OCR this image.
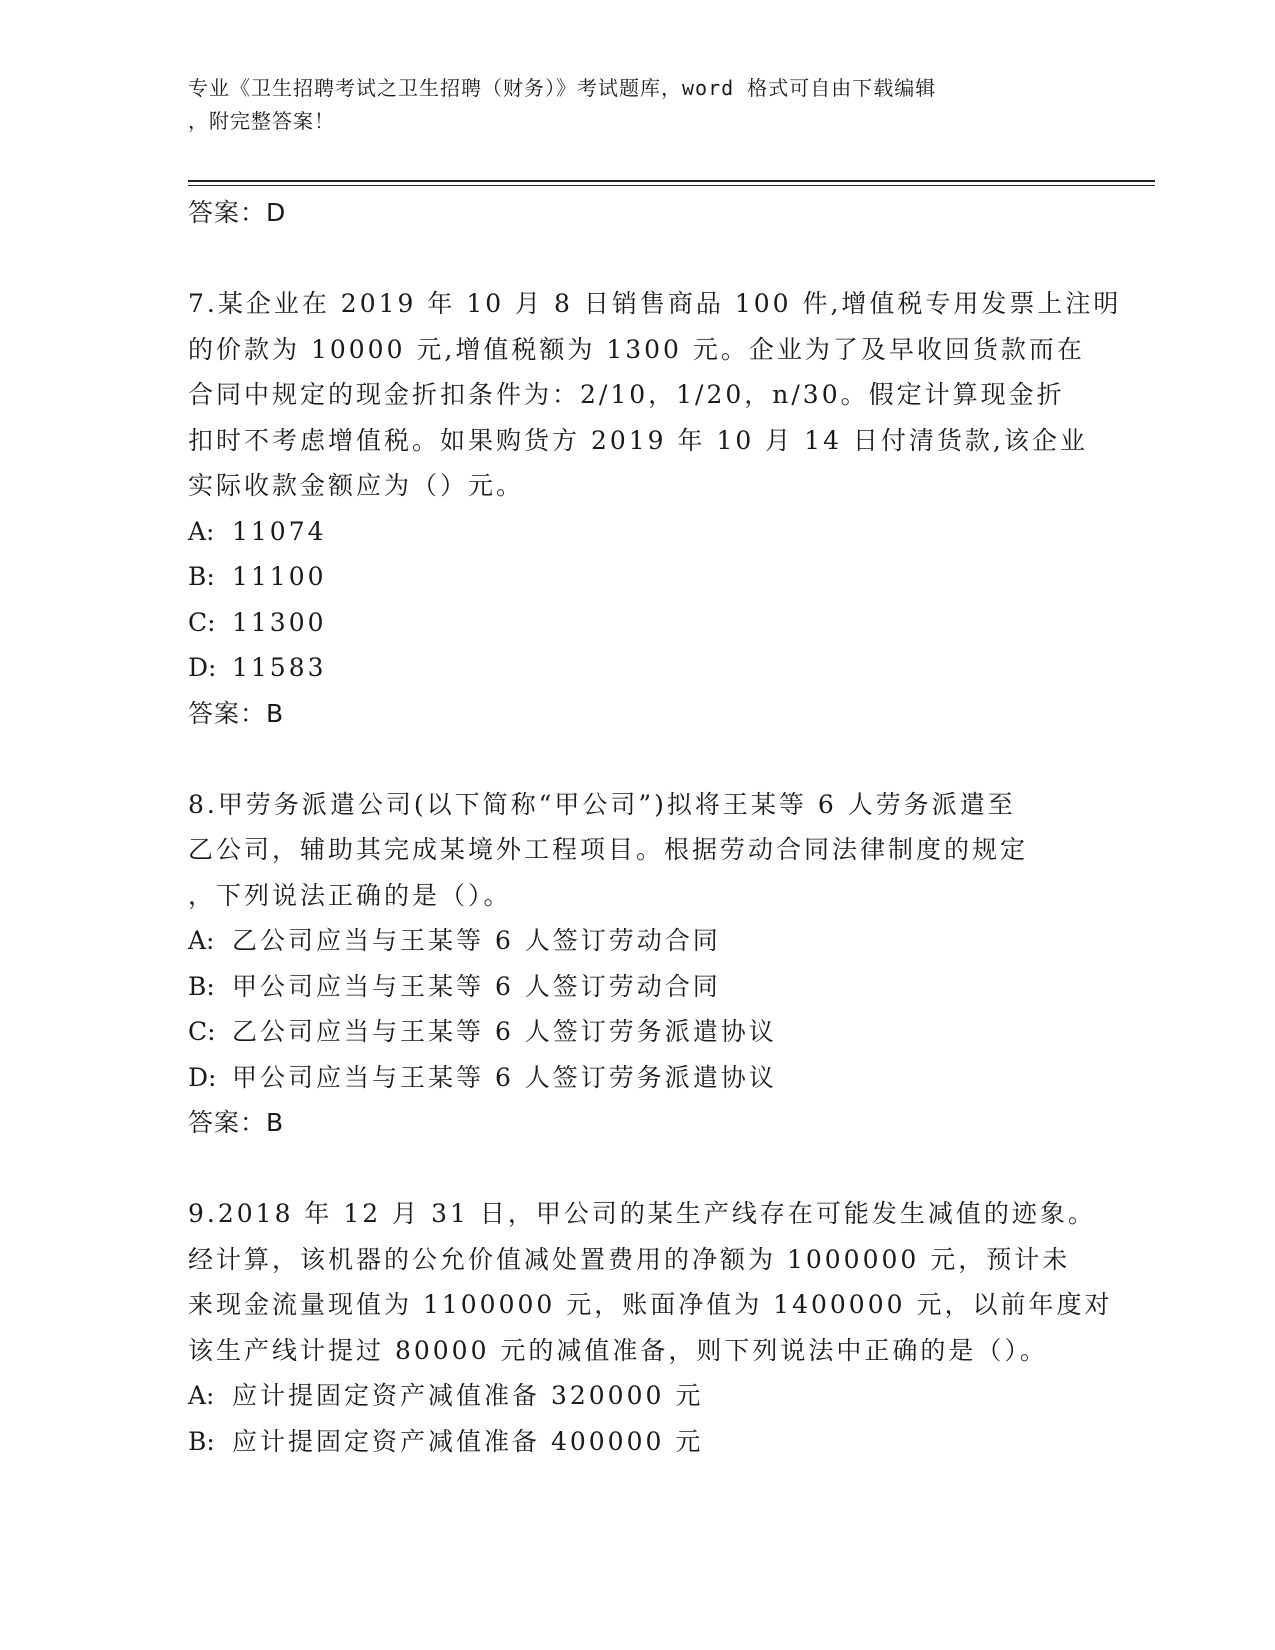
专业《卫生招聘考试之卫生招聘（财务）》考试题库，word 格式可自由下载编辑
，附完整答案！
答案：D
7.某企业在 2019 年 10 月 8 日销售商品 100 件,增值税专用发票上注明
的价款为 10000 元,增值税额为 1300 元。企业为了及早收回货款而在
合同中规定的现金折扣条件为：2/10，1/20，n/30。假定计算现金折
扣时不考虑增值税。如果购货方 2019 年 10 月 14 日付清货款,该企业
实际收款金额应为（）元。
A: 11074
B: 11100
C: 11300
D: 11583
答案：B
8.甲劳务派遣公司(以下简称“甲公司”)拟将王某等 6 人劳务派遣至
乙公司，辅助其完成某境外工程项目。根据劳动合同法律制度的规定
，下列说法正确的是（）。
A: 乙公司应当与王某等 6 人签订劳动合同
B: 甲公司应当与王某等 6 人签订劳动合同
C: 乙公司应当与王某等 6 人签订劳务派遣协议
D: 甲公司应当与王某等 6 人签订劳务派遣协议
答案：B
9.2018 年 12 月 31 日，甲公司的某生产线存在可能发生减值的迹象。
经计算，该机器的公允价值减处置费用的净额为 1000000 元，预计未
来现金流量现值为 1100000 元，账面净值为 1400000 元，以前年度对
该生产线计提过 80000 元的减值准备，则下列说法中正确的是（）。
A: 应计提固定资产减值准备 320000 元
B: 应计提固定资产减值准备 400000 元
